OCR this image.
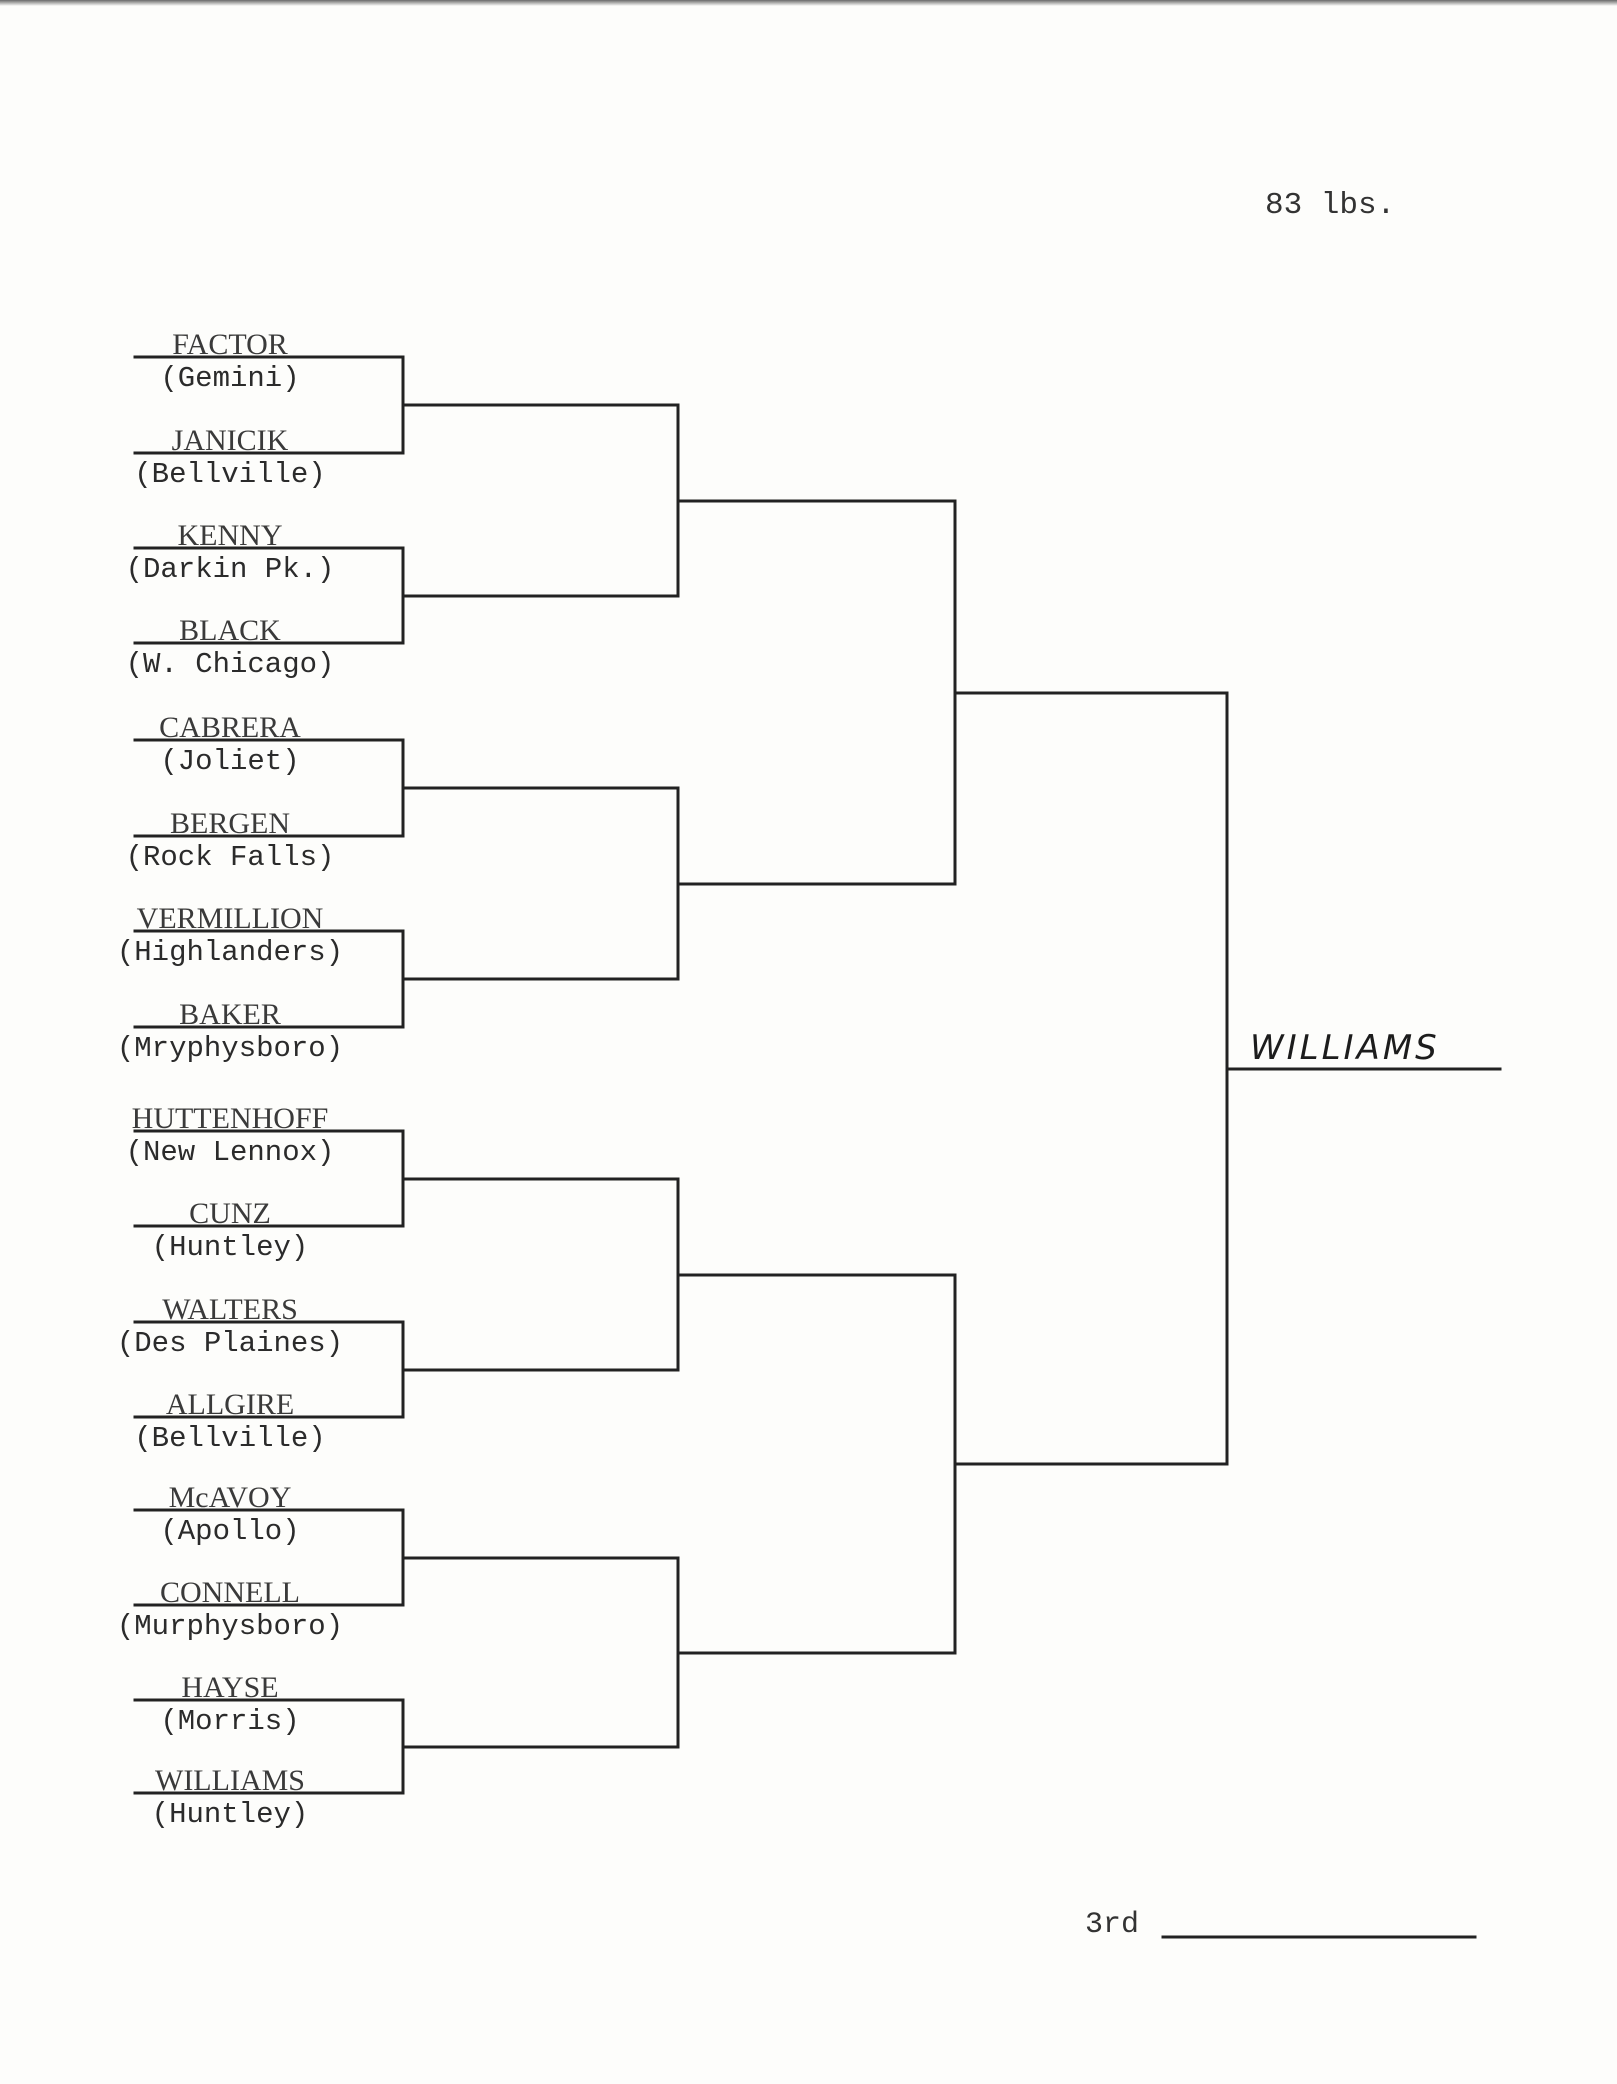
FACTOR
(Gemini)
JANICIK
(Bellville)
KENNY
(Darkin Pk.)
BLACK
(W. Chicago)
CABRERA
(Joliet)
BERGEN
(Rock Falls)
VERMILLION
(Highlanders)
BAKER
(Mryphysboro)
HUTTENHOFF
(New Lennox)
CUNZ
(Huntley)
WALTERS
(Des Plaines)
ALLGIRE
(Bellville)
McAVOY
(Apollo)
CONNELL
(Murphysboro)
HAYSE
(Morris)
WILLIAMS
(Huntley)
83 lbs.
WILLIAMS
3rd
